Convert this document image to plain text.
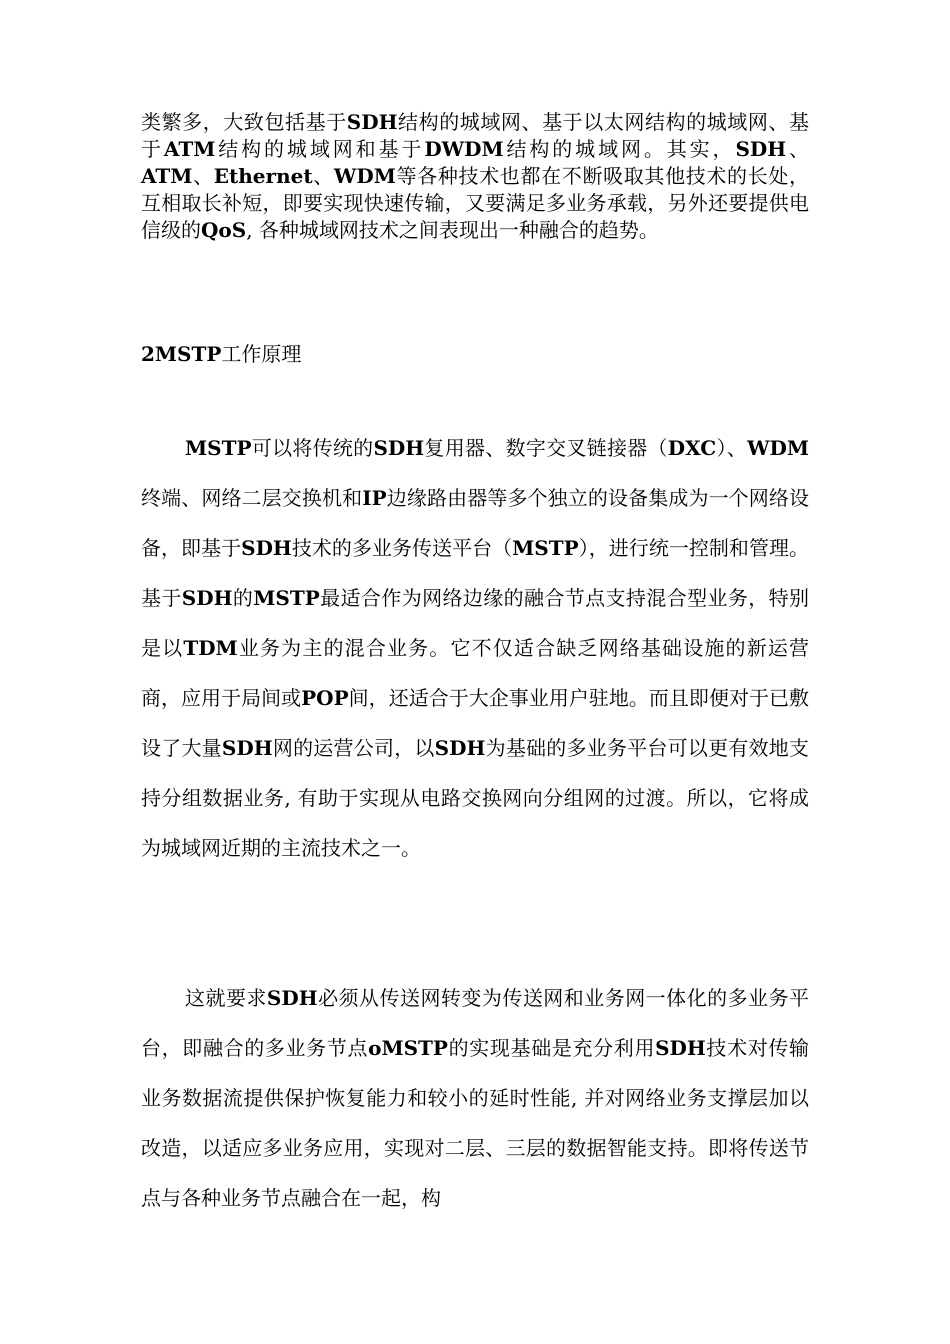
类繁多，大致包括基于SDH结构的城域网、基于以太网结构的城域网、基于ATM结构的城域网和基于DWDM结构的城域网。其实，SDH、ATM、Ethernet、WDM等各种技术也都在不断吸取其他技术的长处，互相取长补短，即要实现快速传输，又要满足多业务承载，另外还要提供电信级的QoS, 各种城域网技术之间表现出一种融合的趋势。

2MSTP工作原理

MSTP可以将传统的SDH复用器、数字交叉链接器（DXC）、WDM终端、网络二层交换机和IP边缘路由器等多个独立的设备集成为一个网络设备，即基于SDH技术的多业务传送平台（MSTP），进行统一控制和管理。基于SDH的MSTP最适合作为网络边缘的融合节点支持混合型业务，特别是以TDM业务为主的混合业务。它不仅适合缺乏网络基础设施的新运营商，应用于局间或POP间，还适合于大企事业用户驻地。而且即便对于已敷设了大量SDH网的运营公司，以SDH为基础的多业务平台可以更有效地支持分组数据业务, 有助于实现从电路交换网向分组网的过渡。所以，它将成为城域网近期的主流技术之一。

这就要求SDH必须从传送网转变为传送网和业务网一体化的多业务平台，即融合的多业务节点oMSTP的实现基础是充分利用SDH技术对传输业务数据流提供保护恢复能力和较小的延时性能, 并对网络业务支撑层加以改造，以适应多业务应用，实现对二层、三层的数据智能支持。即将传送节点与各种业务节点融合在一起，构
